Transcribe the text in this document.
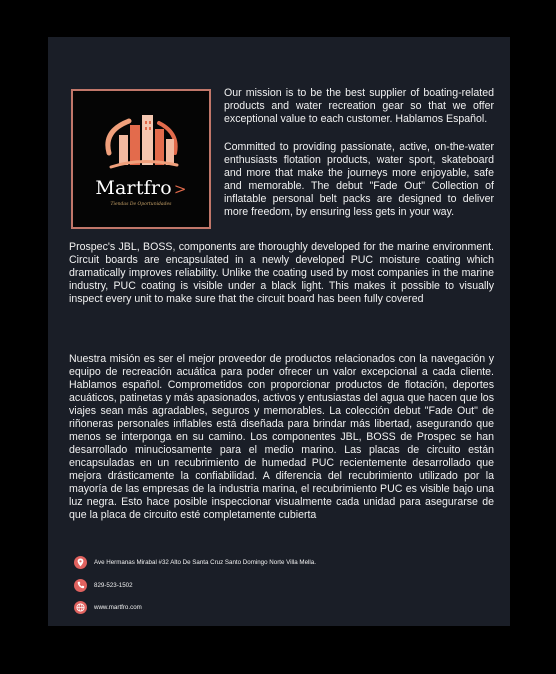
Martfro >
Tiendas De Oportunidades

Our mission is to be the best supplier of boating-related products and water recreation gear so that we offer exceptional value to each customer. Hablamos Español.

Committed to providing passionate, active, on-the-water enthusiasts flotation products, water sport, skateboard and more that make the journeys more enjoyable, safe and memorable. The debut "Fade Out" Collection of inflatable personal belt packs are designed to deliver more freedom, by ensuring less gets in your way.

Prospec's JBL, BOSS, components are thoroughly developed for the marine environment. Circuit boards are encapsulated in a newly developed PUC moisture coating which dramatically improves reliability. Unlike the coating used by most companies in the marine industry, PUC coating is visible under a black light. This makes it possible to visually inspect every unit to make sure that the circuit board has been fully covered

Nuestra misión es ser el mejor proveedor de productos relacionados con la navegación y equipo de recreación acuática para poder ofrecer un valor excepcional a cada cliente. Hablamos español. Comprometidos con proporcionar productos de flotación, deportes acuáticos, patinetas y más apasionados, activos y entusiastas del agua que hacen que los viajes sean más agradables, seguros y memorables. La colección debut "Fade Out" de riñoneras personales inflables está diseñada para brindar más libertad, asegurando que menos se interponga en su camino. Los componentes JBL, BOSS de Prospec se han desarrollado minuciosamente para el medio marino. Las placas de circuito están encapsuladas en un recubrimiento de humedad PUC recientemente desarrollado que mejora drásticamente la confiabilidad. A diferencia del recubrimiento utilizado por la mayoría de las empresas de la industria marina, el recubrimiento PUC es visible bajo una luz negra. Esto hace posible inspeccionar visualmente cada unidad para asegurarse de que la placa de circuito esté completamente cubierta

Ave Hermanas Mirabal #32 Alto De Santa Cruz Santo Domingo Norte Villa Mella.
829-523-1502
www.martfro.com
